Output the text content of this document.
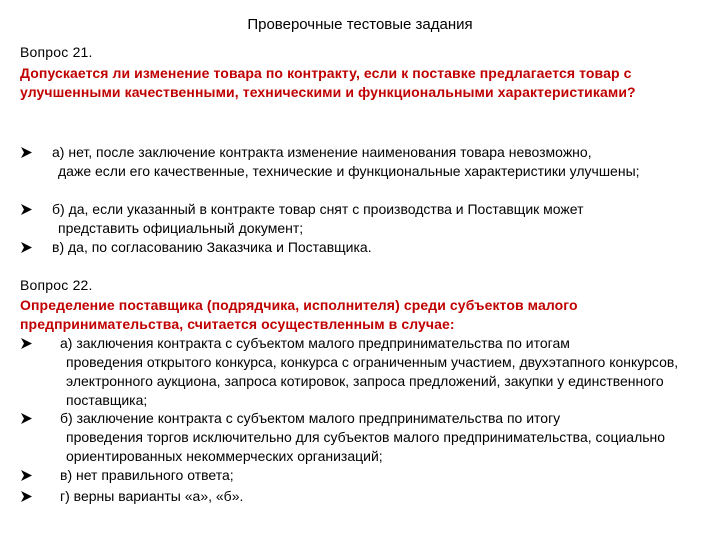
Проверочные тестовые задания
Вопрос 21.
Допускается ли изменение товара по контракту, если к поставке предлагается товар с улучшенными качественными, техническими и функциональными характеристиками?
а) нет, после заключение контракта изменение наименования товара невозможно,
даже если его качественные, технические и функциональные характеристики улучшены;
б) да, если указанный в контракте товар снят с производства и Поставщик может
представить официальный документ;
в) да, по согласованию Заказчика и Поставщика.
Вопрос 22.
Определение поставщика (подрядчика, исполнителя) среди субъектов малого предпринимательства, считается осуществленным в случае:
а) заключения контракта с субъектом малого предпринимательства по итогам
проведения открытого конкурса, конкурса с ограниченным участием, двухэтапного конкурсов, электронного аукциона, запроса котировок, запроса предложений, закупки у единственного поставщика;
б) заключение контракта с субъектом малого предпринимательства по итогу
проведения торгов исключительно для субъектов малого предпринимательства, социально ориентированных некоммерческих организаций;
в) нет правильного ответа;
г) верны варианты «а», «б».
